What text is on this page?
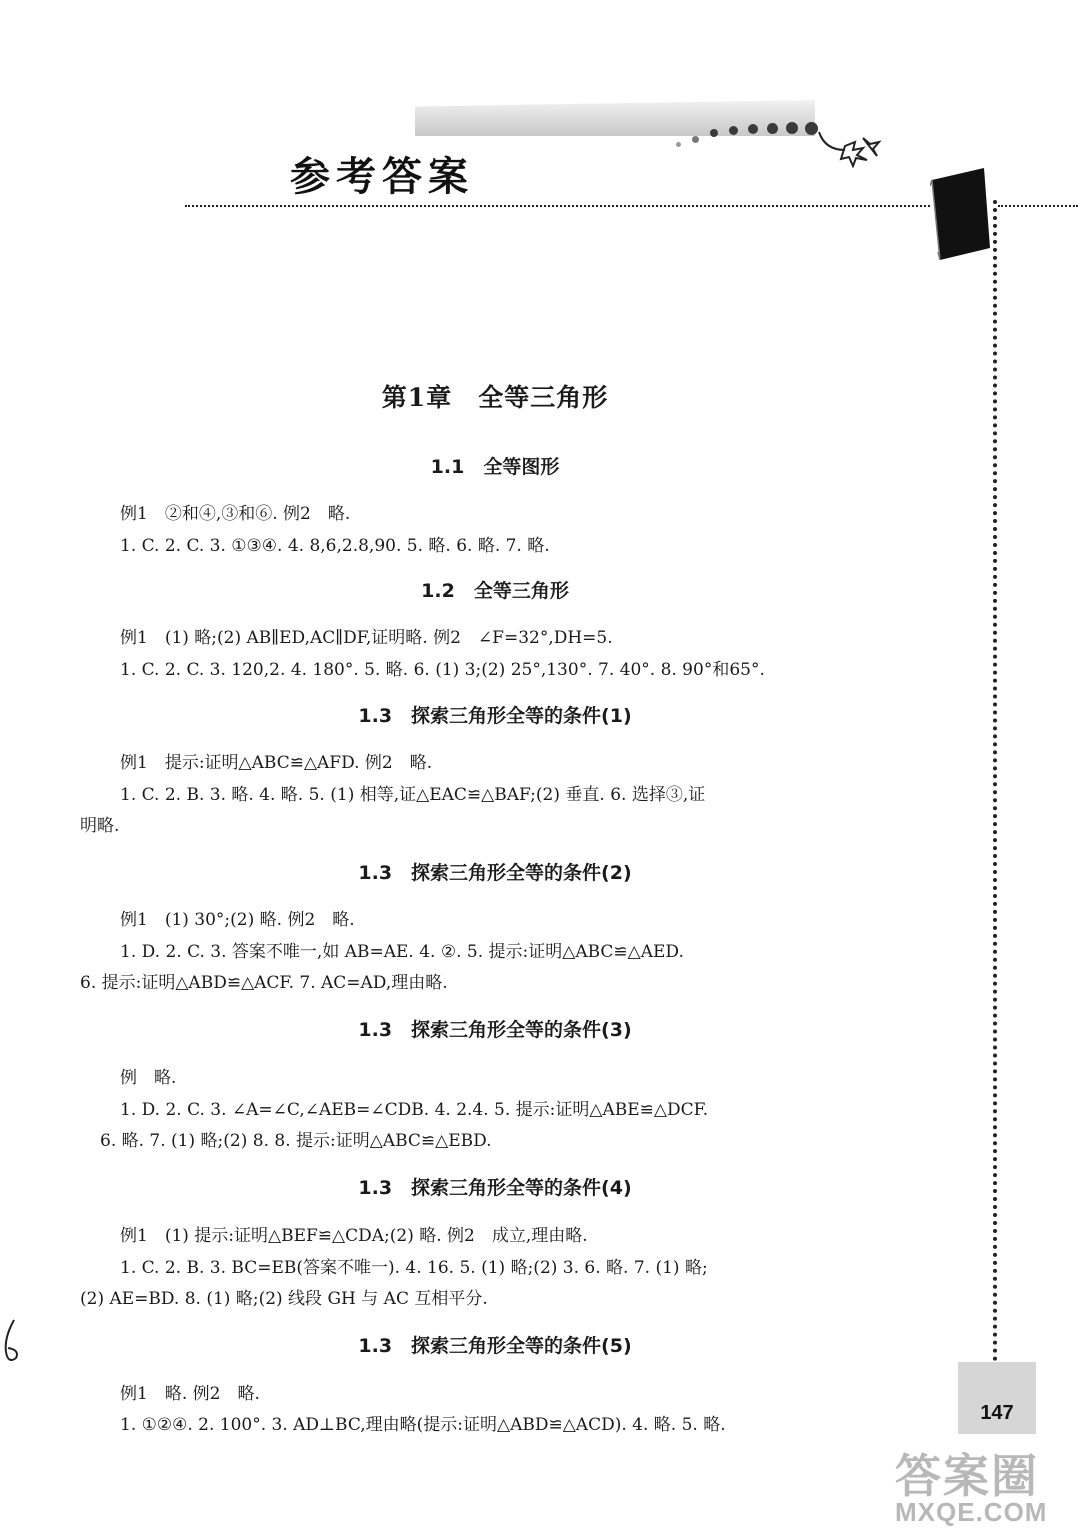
参考答案
第1章　全等三角形
1.1　全等图形
例1　②和④,③和⑥. 例2　略.
1. C. 2. C. 3. ①③④. 4. 8,6,2.8,90. 5. 略. 6. 略. 7. 略.
1.2　全等三角形
例1　(1) 略;(2) AB∥ED,AC∥DF,证明略. 例2　∠F=32°,DH=5.
1. C. 2. C. 3. 120,2. 4. 180°. 5. 略. 6. (1) 3;(2) 25°,130°. 7. 40°. 8. 90°和65°.
1.3　探索三角形全等的条件(1)
例1　提示:证明△ABC≌△AFD. 例2　略.
1. C. 2. B. 3. 略. 4. 略. 5. (1) 相等,证△EAC≌△BAF;(2) 垂直. 6. 选择③,证
明略.
1.3　探索三角形全等的条件(2)
例1　(1) 30°;(2) 略. 例2　略.
1. D. 2. C. 3. 答案不唯一,如 AB=AE. 4. ②. 5. 提示:证明△ABC≌△AED.
6. 提示:证明△ABD≌△ACF. 7. AC=AD,理由略.
1.3　探索三角形全等的条件(3)
例　略.
1. D. 2. C. 3. ∠A=∠C,∠AEB=∠CDB. 4. 2.4. 5. 提示:证明△ABE≌△DCF.
6. 略. 7. (1) 略;(2) 8. 8. 提示:证明△ABC≌△EBD.
1.3　探索三角形全等的条件(4)
例1　(1) 提示:证明△BEF≌△CDA;(2) 略. 例2　成立,理由略.
1. C. 2. B. 3. BC=EB(答案不唯一). 4. 16. 5. (1) 略;(2) 3. 6. 略. 7. (1) 略;
(2) AE=BD. 8. (1) 略;(2) 线段 GH 与 AC 互相平分.
1.3　探索三角形全等的条件(5)
例1　略. 例2　略.
1. ①②④. 2. 100°. 3. AD⊥BC,理由略(提示:证明△ABD≌△ACD). 4. 略. 5. 略.
147
答案圈
MXQE.COM
